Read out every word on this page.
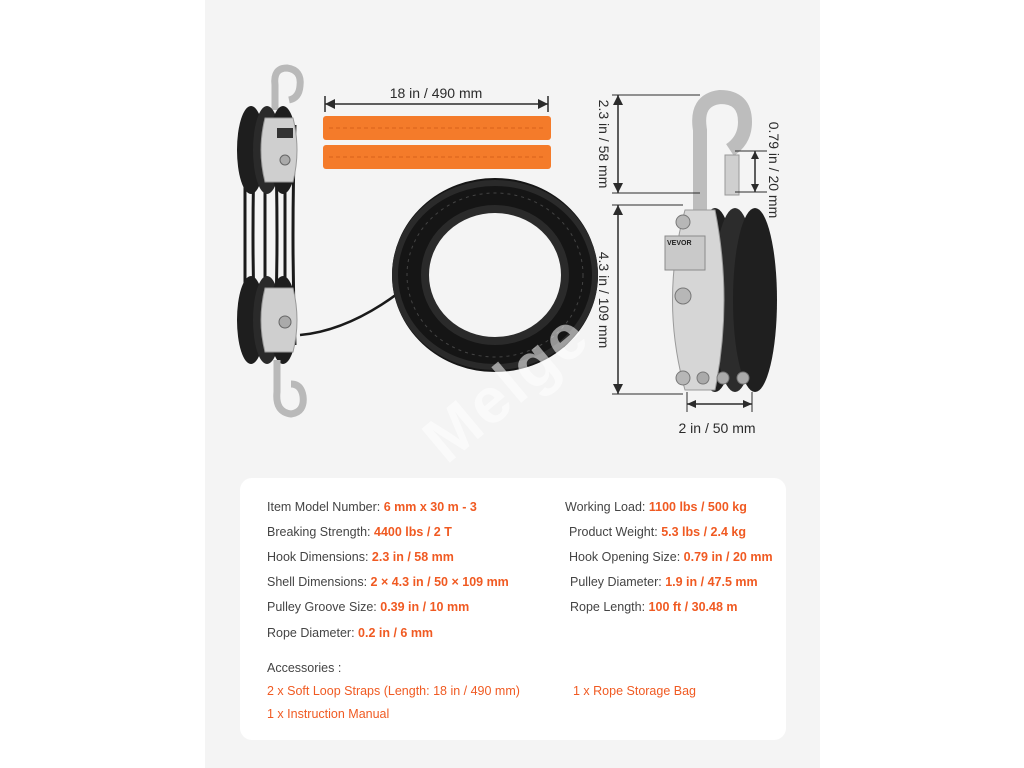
18 in / 490 mm
VEVOR
2.3 in / 58 mm	0.79 in / 20 mm
4.3 in / 109 mm
2 in / 50 mm
Melge
Item Model Number: 6 mm x 30 m - 3
Breaking Strength: 4400 lbs / 2 T
Hook Dimensions: 2.3 in / 58 mm
Shell Dimensions: 2 × 4.3 in / 50 × 109 mm
Pulley Groove Size: 0.39 in / 10 mm
Rope Diameter: 0.2 in / 6 mm
Working Load: 1100 lbs / 500 kg
Product Weight: 5.3 lbs / 2.4 kg
Hook Opening Size: 0.79 in / 20 mm
Pulley Diameter: 1.9 in / 47.5 mm
Rope Length: 100 ft / 30.48 m
Accessories :
2 x Soft Loop Straps (Length: 18 in / 490 mm)	1 x Rope Storage Bag
1 x Instruction Manual
